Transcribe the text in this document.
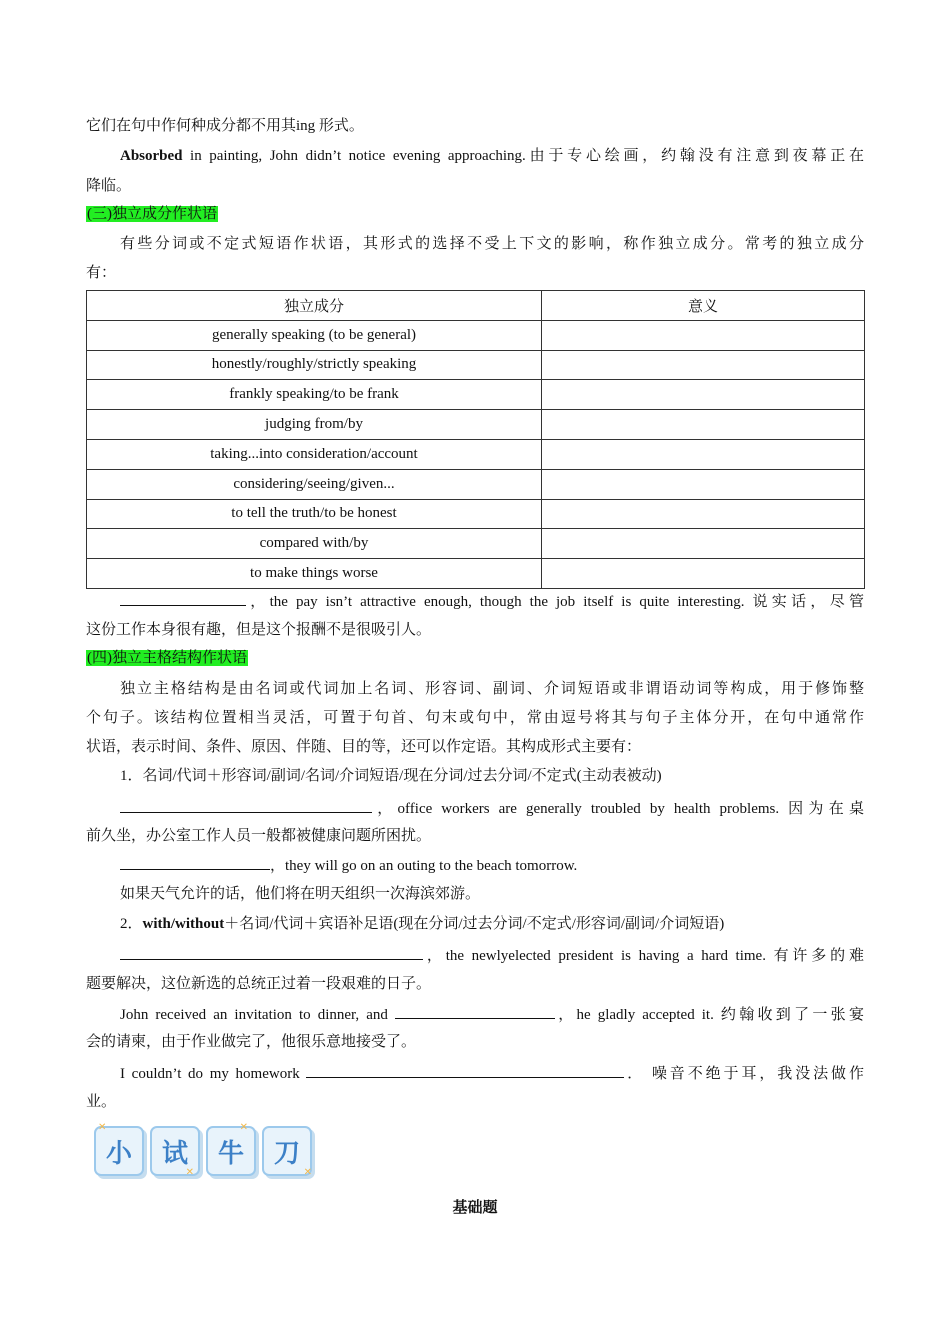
它们在句中作何种成分都不用其ing 形式。
Absorbed in painting, John didn’t notice evening approaching.由于专心绘画，约翰没有注意到夜幕正在
降临。
(三)独立成分作状语
有些分词或不定式短语作状语，其形式的选择不受上下文的影响，称作独立成分。常考的独立成分
有：
独立成分	意义
generally speaking (to be general)	
honestly/roughly/strictly speaking	
frankly speaking/to be frank	
judging from/by	
taking...into consideration/account	
considering/seeing/given...	
to tell the truth/to be honest	
compared with/by	
to make things worse	
，the pay isn’t attractive enough, though the job itself is quite interesting. 说实话，尽管
这份工作本身很有趣，但是这个报酬不是很吸引人。
(四)独立主格结构作状语
独立主格结构是由名词或代词加上名词、形容词、副词、介词短语或非谓语动词等构成，用于修饰整
个句子。该结构位置相当灵活，可置于句首、句末或句中，常由逗号将其与句子主体分开，在句中通常作
状语，表示时间、条件、原因、伴随、目的等，还可以作定语。其构成形式主要有：
1．名词/代词＋形容词/副词/名词/介词短语/现在分词/过去分词/不定式(主动表被动)
，office workers are generally troubled by health problems. 因为在桌
前久坐，办公室工作人员一般都被健康问题所困扰。
，they will go on an outing to the beach tomorrow.
如果天气允许的话，他们将在明天组织一次海滨郊游。
2．with/without＋名词/代词＋宾语补足语(现在分词/过去分词/不定式/形容词/副词/介词短语)
，the newlyelected president is having a hard time. 有许多的难
题要解决，这位新选的总统正过着一段艰难的日子。
John received an invitation to dinner, and	，he gladly accepted it. 约翰收到了一张宴
会的请柬，由于作业做完了，他很乐意地接受了。
I couldn’t do my homework	． 噪音不绝于耳，我没法做作
业。
✕
小 试
✕
✕
牛 刀
✕
基础题
